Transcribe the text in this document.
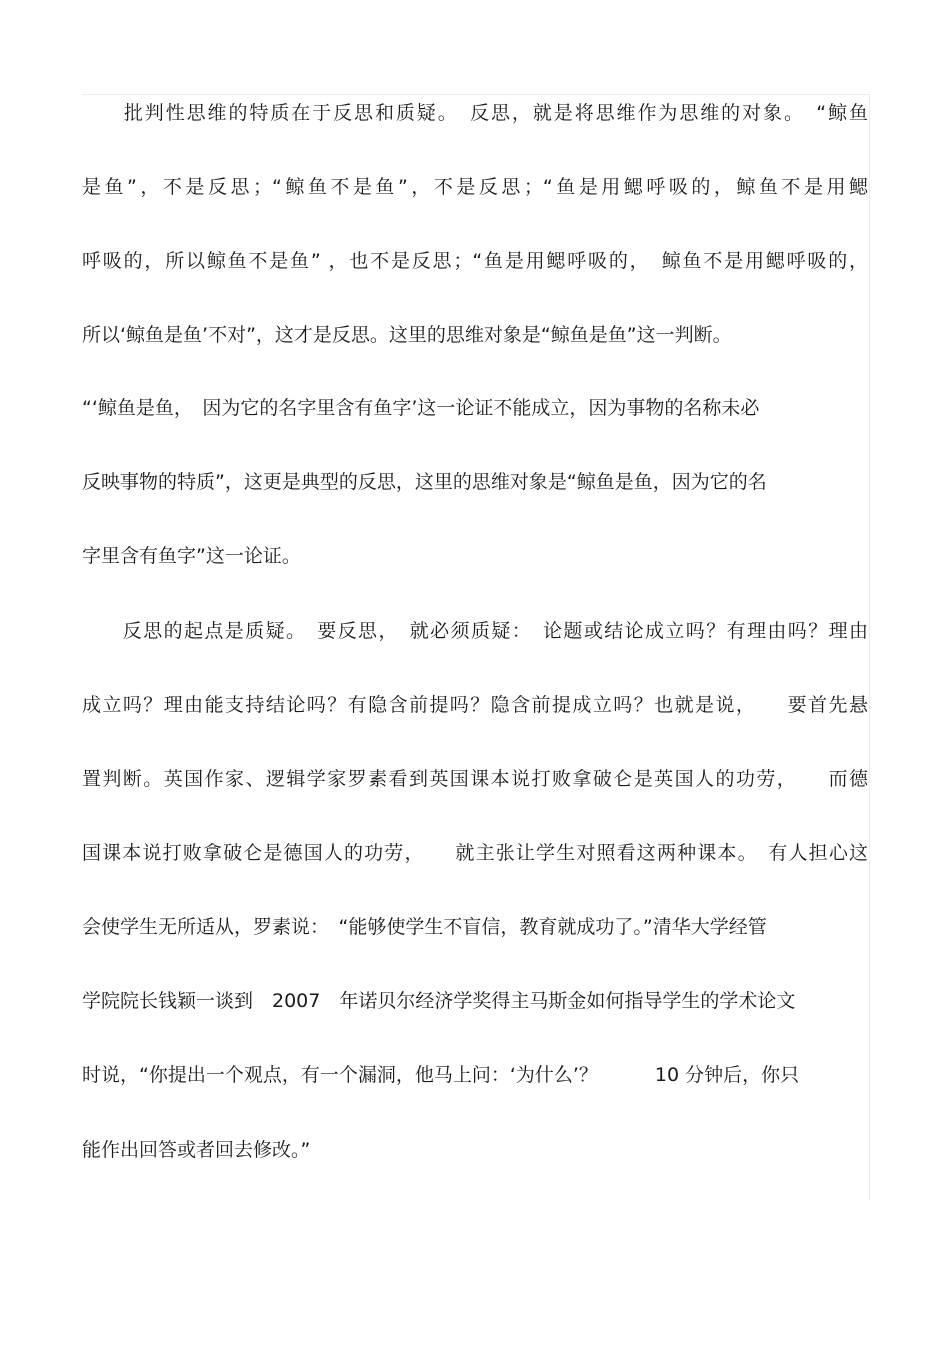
　　批判性思维的特质在于反思和质疑。　反思，就是将思维作为思维的对象。　“鲸鱼
是鱼”，不是反思；“鲸鱼不是鱼”，不是反思；“鱼是用鳃呼吸的，鲸鱼不是用鳃
呼吸的，所以鲸鱼不是鱼” ，也不是反思；“鱼是用鳃呼吸的，　鲸鱼不是用鳃呼吸的，
所以‘鲸鱼是鱼’不对”，这才是反思。这里的思维对象是“鲸鱼是鱼”这一判断。
“‘鲸鱼是鱼，　因为它的名字里含有鱼字’这一论证不能成立，因为事物的名称未必
反映事物的特质”，这更是典型的反思，这里的思维对象是“鲸鱼是鱼，因为它的名
字里含有鱼字”这一论证。
　　反思的起点是质疑。　要反思，　就必须质疑：　论题或结论成立吗？有理由吗？理由
成立吗？理由能支持结论吗？有隐含前提吗？隐含前提成立吗？也就是说，　　要首先悬
置判断。英国作家、逻辑学家罗素看到英国课本说打败拿破仑是英国人的功劳，　　而德
国课本说打败拿破仑是德国人的功劳，　　就主张让学生对照看这两种课本。　有人担心这
会使学生无所适从，罗素说：　“能够使学生不盲信，教育就成功了。”清华大学经管
学院院长钱颖一谈到　2007　年诺贝尔经济学奖得主马斯金如何指导学生的学术论文
时说，“你提出一个观点，有一个漏洞，他马上问：‘为什么’？　　　10 分钟后，你只
能作出回答或者回去修改。”
